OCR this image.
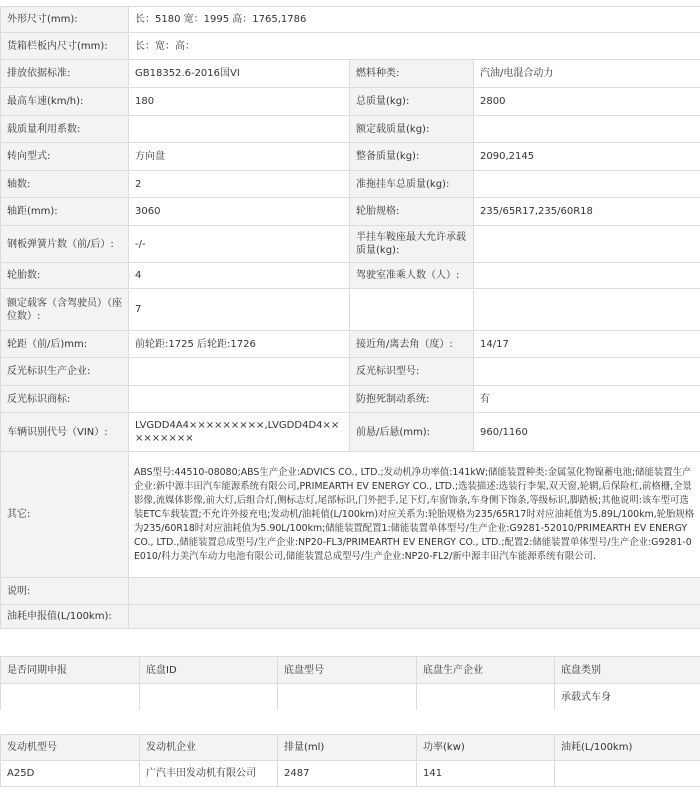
外形尺寸(mm):	长：5180 宽：1995 高：1765,1786		
货箱栏板内尺寸(mm):	长：宽：高：		
排放依据标准:	GB18352.6-2016国VI	燃料种类:	汽油/电混合动力
最高车速(km/h):	180	总质量(kg):	2800
载质量利用系数:		额定载质量(kg):	
转向型式:	方向盘	整备质量(kg):	2090,2145
轴数:	2	准拖挂车总质量(kg):	
轴距(mm):	3060	轮胎规格:	235/65R17,235/60R18
钢板弹簧片数（前/后）:	-/-	半挂车鞍座最大允许承载质量(kg):	
轮胎数:	4	驾驶室准乘人数（人）:	
额定载客（含驾驶员）（座位数）:	7		
轮距（前/后)mm:	前轮距:1725 后轮距:1726	接近角/离去角（度）:	14/17
反光标识生产企业:		反光标识型号:	
反光标识商标:		防抱死制动系统:	有
车辆识别代号（VIN）:	LVGDD4A4×××××××××,LVGDD4D4×××××××××	前悬/后悬(mm):	960/1160
其它:	ABS型号:44510-08080;ABS生产企业:ADVICS CO., LTD.;发动机净功率值:141kW;储能装置种类:金属氢化物镍蓄电池;储能装置生产企业:新中源丰田汽车能源系统有限公司,PRIMEARTH EV ENERGY CO., LTD.;选装描述:选装行李架,双天窗,轮辋,后保险杠,前格栅,全景影像,流媒体影像,前大灯,后组合灯,侧标志灯,尾部标识,门外把手,足下灯,车窗饰条,车身侧下饰条,等级标识,脚踏板;其他说明:该车型可选装ETC车载装置;不允许外接充电;发动机/油耗值(L/100km)对应关系为:轮胎规格为235/65R17时对应油耗值为5.89L/100km,轮胎规格为235/60R18时对应油耗值为5.90L/100km;储能装置配置1:储能装置单体型号/生产企业:G9281-52010/PRIMEARTH EV ENERGY CO., LTD.,储能装置总成型号/生产企业:NP20-FL3/PRIMEARTH EV ENERGY CO., LTD.;配置2:储能装置单体型号/生产企业:G9281-0E010/科力美汽车动力电池有限公司,储能装置总成型号/生产企业:NP20-FL2/新中源丰田汽车能源系统有限公司.		
说明:			
油耗申报值(L/100km):			
是否同期申报	底盘ID	底盘型号	底盘生产企业	底盘类别
				承载式车身
发动机型号	发动机企业	排量(ml)	功率(kw)	油耗(L/100km)
A25D	广汽丰田发动机有限公司	2487	141	
